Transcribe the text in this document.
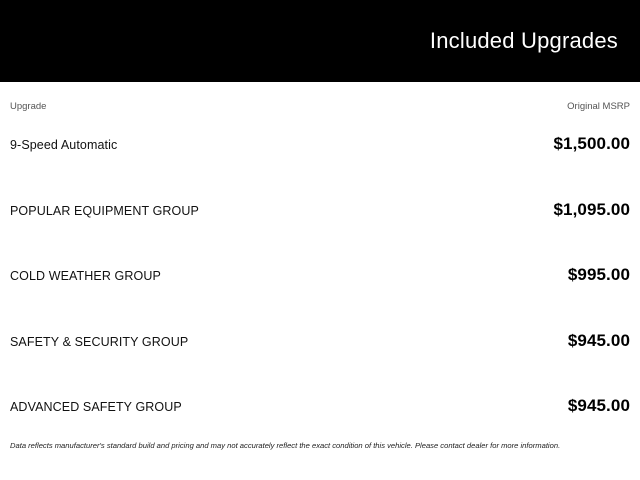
Included Upgrades
Upgrade	Original MSRP
9-Speed Automatic	$1,500.00
POPULAR EQUIPMENT GROUP	$1,095.00
COLD WEATHER GROUP	$995.00
SAFETY & SECURITY GROUP	$945.00
ADVANCED SAFETY GROUP	$945.00
Data reflects manufacturer's standard build and pricing and may not accurately reflect the exact condition of this vehicle. Please contact dealer for more information.
